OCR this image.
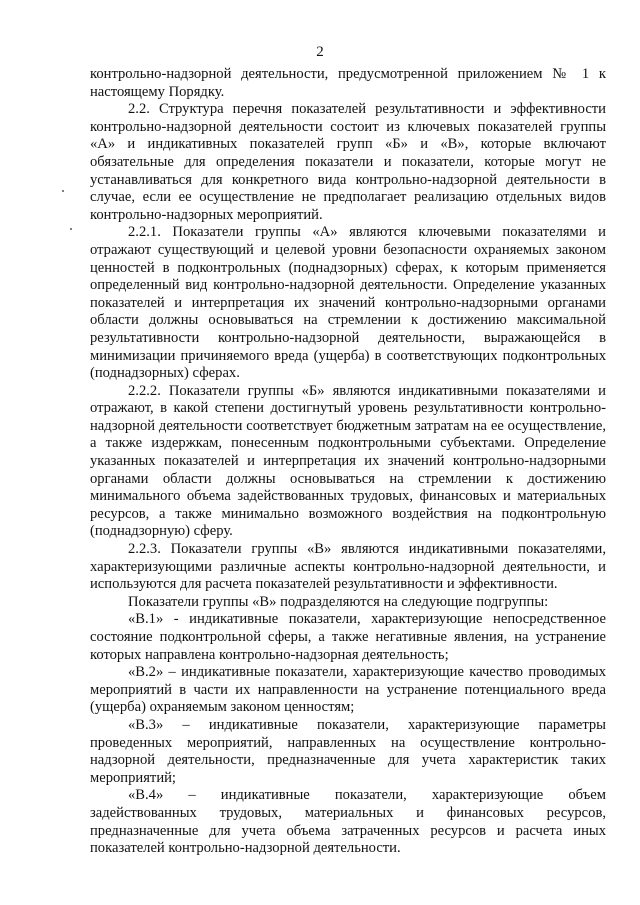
2

контрольно-надзорной деятельности, предусмотренной приложением № 1 к настоящему Порядку.

2.2. Структура перечня показателей результативности и эффективности контрольно-надзорной деятельности состоит из ключевых показателей группы «А» и индикативных показателей групп «Б» и «В», которые включают обязательные для определения показатели и показатели, которые могут не устанавливаться для конкретного вида контрольно-надзорной деятельности в случае, если ее осуществление не предполагает реализацию отдельных видов контрольно-надзорных мероприятий.

2.2.1. Показатели группы «А» являются ключевыми показателями и отражают существующий и целевой уровни безопасности охраняемых законом ценностей в подконтрольных (поднадзорных) сферах, к которым применяется определенный вид контрольно-надзорной деятельности. Определение указанных показателей и интерпретация их значений контрольно-надзорными органами области должны основываться на стремлении к достижению максимальной результативности контрольно-надзорной деятельности, выражающейся в минимизации причиняемого вреда (ущерба) в соответствующих подконтрольных (поднадзорных) сферах.

2.2.2. Показатели группы «Б» являются индикативными показателями и отражают, в какой степени достигнутый уровень результативности контрольно-надзорной деятельности соответствует бюджетным затратам на ее осуществление, а также издержкам, понесенным подконтрольными субъектами. Определение указанных показателей и интерпретация их значений контрольно-надзорными органами области должны основываться на стремлении к достижению минимального объема задействованных трудовых, финансовых и материальных ресурсов, а также минимально возможного воздействия на подконтрольную (поднадзорную) сферу.

2.2.3. Показатели группы «В» являются индикативными показателями, характеризующими различные аспекты контрольно-надзорной деятельности, и используются для расчета показателей результативности и эффективности.

Показатели группы «В» подразделяются на следующие подгруппы:

«В.1» - индикативные показатели, характеризующие непосредственное состояние подконтрольной сферы, а также негативные явления, на устранение которых направлена контрольно-надзорная деятельность;

«В.2» – индикативные показатели, характеризующие качество проводимых мероприятий в части их направленности на устранение потенциального вреда (ущерба) охраняемым законом ценностям;

«В.3» – индикативные показатели, характеризующие параметры проведенных мероприятий, направленных на осуществление контрольно-надзорной деятельности, предназначенные для учета характеристик таких мероприятий;

«В.4» – индикативные показатели, характеризующие объем задействованных трудовых, материальных и финансовых ресурсов, предназначенные для учета объема затраченных ресурсов и расчета иных показателей контрольно-надзорной деятельности.
